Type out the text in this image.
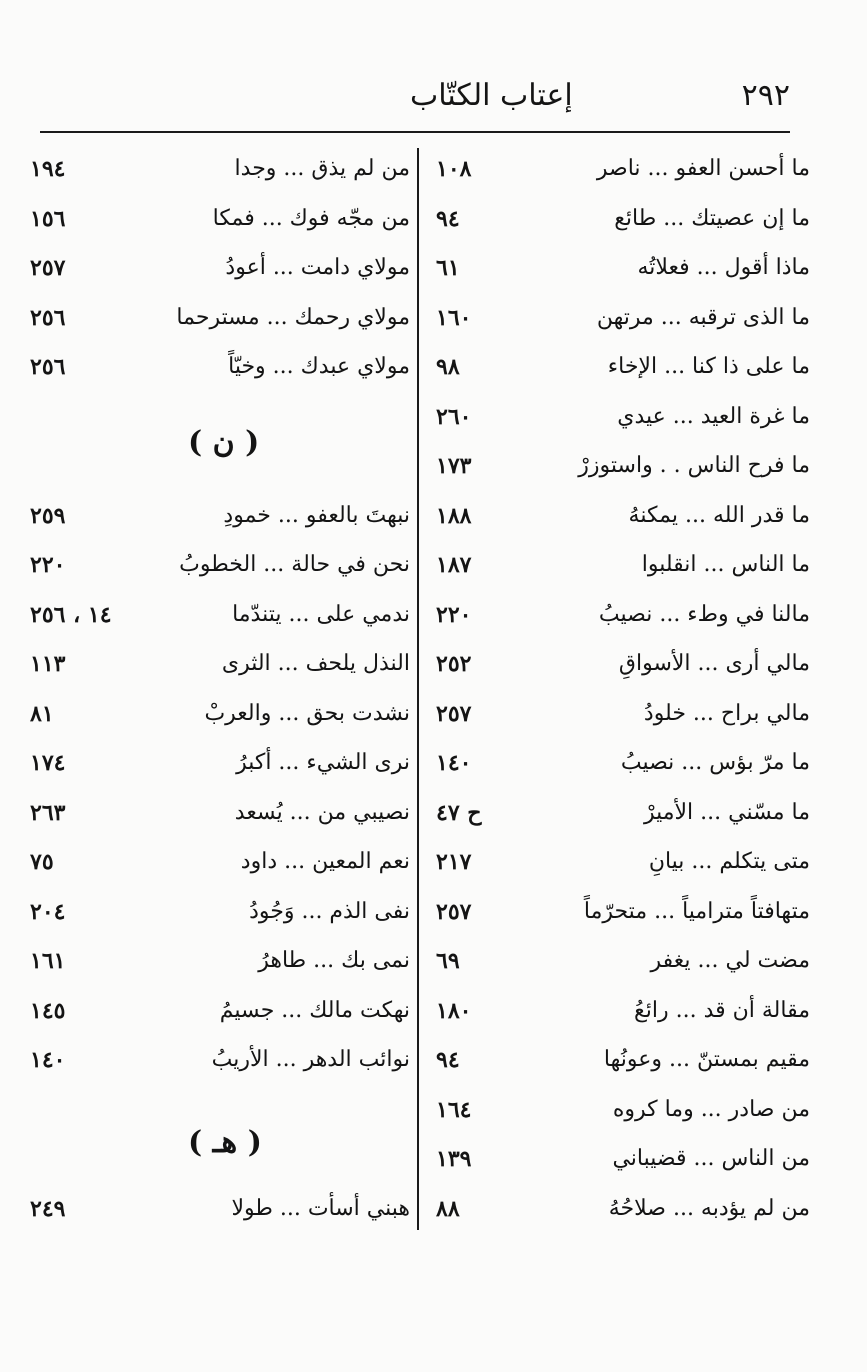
٢٩٢
إعتاب الكتّاب
ما أحسن العفو ... ناصر
١٠٨
ما إن عصيتك ... طائع
٩٤
ماذا أقول ... فعلاتُه
٦١
ما الذى ترقبه ... مرتهن
١٦٠
ما على ذا كنا ... الإخاء
٩٨
ما غرة العيد ... عيدي
٢٦٠
ما فرح الناس . . واستوزرْ
١٧٣
ما قدر الله ... يمكنهُ
١٨٨
ما الناس ... انقلبوا
١٨٧
مالنا في وطء ... نصيبُ
٢٢٠
مالي أرى ... الأسواقِ
٢٥٢
مالي براح ... خلودُ
٢٥٧
ما مرّ بؤس ... نصيبُ
١٤٠
ما مسّني ... الأميرْ
ح ٤٧
متى يتكلم ... بيانِ
٢١٧
متهافتاً مترامياً ... متحرّماً
٢٥٧
مضت لي ... يغفر
٦٩
مقالة أن قد ... رائعُ
١٨٠
مقيم بمستنّ ... وعونُها
٩٤
من صادر ... وما كروه
١٦٤
من الناس ... قضيباني
١٣٩
من لم يؤدبه ... صلاحُهُ
٨٨
من لم يذق ... وجدا
١٩٤
من مجّه فوك ... فمكا
١٥٦
مولاي دامت ... أعودُ
٢٥٧
مولاي رحمك ... مسترحما
٢٥٦
مولاي عبدك ... وخيّاً
٢٥٦
نبهتَ بالعفو ... خمودِ
٢٥٩
نحن في حالة ... الخطوبُ
٢٢٠
ندمي على ... يتندّما
١٤ ، ٢٥٦
النذل يلحف ... الثرى
١١٣
نشدت بحق ... والعربْ
٨١
نرى الشيء ... أكبرُ
١٧٤
نصيبي من ... يُسعد
٢٦٣
نعم المعين ... داود
٧٥
نفى الذم ... وَجُودُ
٢٠٤
نمى بك ... طاهرُ
١٦١
نهكت مالك ... جسيمُ
١٤٥
نوائب الدهر ... الأريبُ
١٤٠
هبني أسأت ... طولا
٢٤٩
( ن )
( هـ )
